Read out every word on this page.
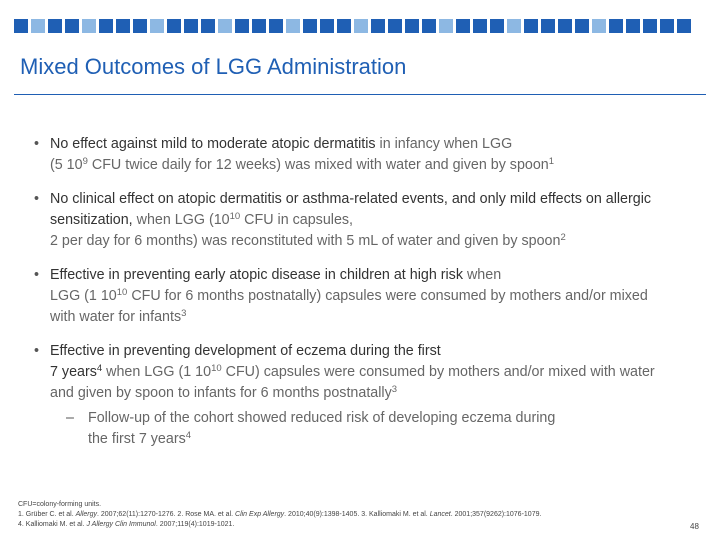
Mixed Outcomes of LGG Administration
• No effect against mild to moderate atopic dermatitis in infancy when LGG
(5 $10^9$ CFU twice daily for 12 weeks) was mixed with water and given by spoon$^1$
• No clinical effect on atopic dermatitis or asthma-related events, and only mild effects on allergic sensitization, when LGG ($10^{10}$ CFU in capsules,
2 per day for 6 months) was reconstituted with 5 mL of water and given by spoon$^2$
• Effective in preventing early atopic disease in children at high risk when
LGG (1 $10^{10}$ CFU for 6 months postnatally) capsules were consumed by mothers and/or mixed with water for infants$^3$
• Effective in preventing development of eczema during the first
7 years$^4$ when LGG (1 $10^{10}$ CFU) capsules were consumed by mothers and/or mixed with water and given by spoon to infants for 6 months postnatally$^3$
– Follow-up of the cohort showed reduced risk of developing eczema during
the first 7 years$^4$
CFU=colony-forming units.
1. Grüber C. et al. Allergy. 2007;62(11):1270-1276. 2. Rose MA. et al. Clin Exp Allergy. 2010;40(9):1398-1405. 3. Kalliomaki M. et al. Lancet. 2001;357(9262):1076-1079.
4. Kalliomaki M. et al. J Allergy Clin Immunol. 2007;119(4):1019-1021.	48
